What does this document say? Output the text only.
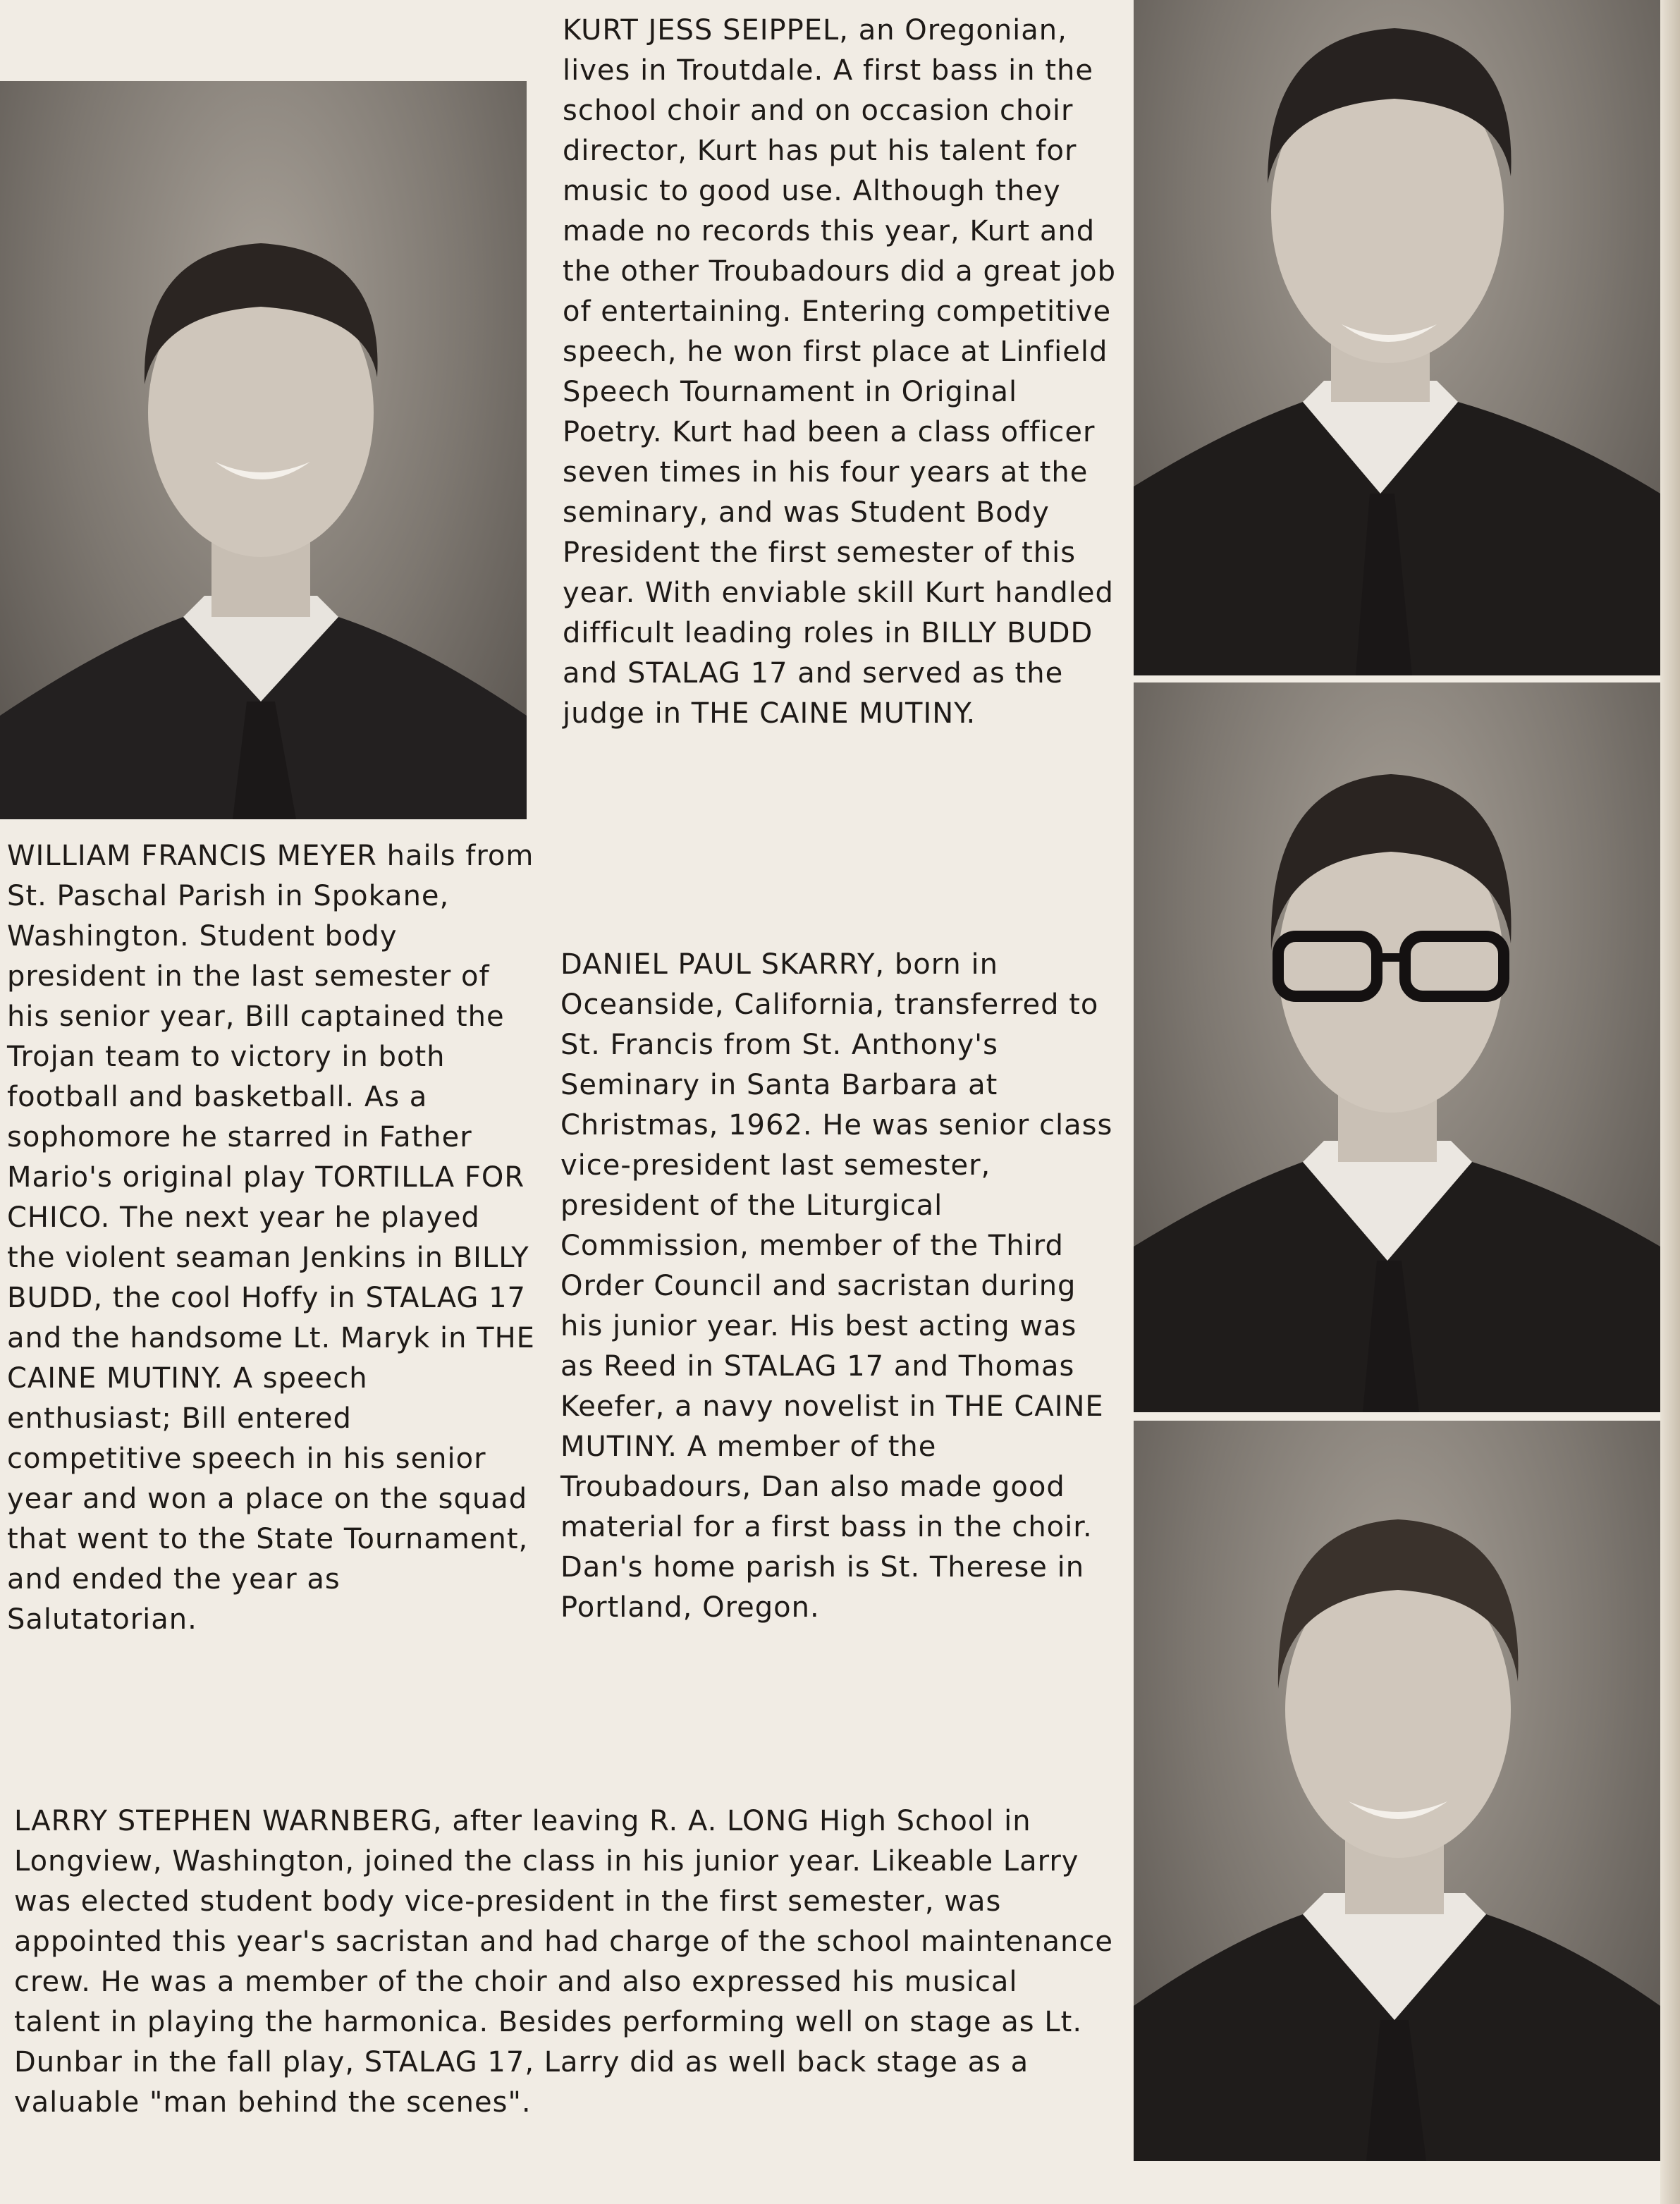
WILLIAM FRANCIS MEYER hails from St. Paschal Parish in Spokane, Washington. Student body president in the last semester of his senior year, Bill captained the Trojan team to victory in both football and basketball. As a sophomore he starred in Father Mario's original play TORTILLA FOR CHICO. The next year he played the violent seaman Jenkins in BILLY BUDD, the cool Hoffy in STALAG 17 and the handsome Lt. Maryk in THE CAINE MUTINY. A speech enthusiast; Bill entered competitive speech in his senior year and won a place on the squad that went to the State Tournament, and ended the year as Salutatorian.

KURT JESS SEIPPEL, an Oregonian, lives in Troutdale. A first bass in the school choir and on occasion choir director, Kurt has put his talent for music to good use. Although they made no records this year, Kurt and the other Troubadours did a great job of entertaining. Entering competitive speech, he won first place at Linfield Speech Tournament in Original Poetry. Kurt had been a class officer seven times in his four years at the seminary, and was Student Body President the first semester of this year. With enviable skill Kurt handled difficult leading roles in BILLY BUDD and STALAG 17 and served as the judge in THE CAINE MUTINY.

DANIEL PAUL SKARRY, born in Oceanside, California, transferred to St. Francis from St. Anthony's Seminary in Santa Barbara at Christmas, 1962. He was senior class vice-president last semester, president of the Liturgical Commission, member of the Third Order Council and sacristan during his junior year. His best acting was as Reed in STALAG 17 and Thomas Keefer, a navy novelist in THE CAINE MUTINY. A member of the Troubadours, Dan also made good material for a first bass in the choir. Dan's home parish is St. Therese in Portland, Oregon.

LARRY STEPHEN WARNBERG, after leaving R. A. LONG High School in Longview, Washington, joined the class in his junior year. Likeable Larry was elected student body vice-president in the first semester, was appointed this year's sacristan and had charge of the school maintenance crew. He was a member of the choir and also expressed his musical talent in playing the harmonica. Besides performing well on stage as Lt. Dunbar in the fall play, STALAG 17, Larry did as well back stage as a valuable "man behind the scenes".
